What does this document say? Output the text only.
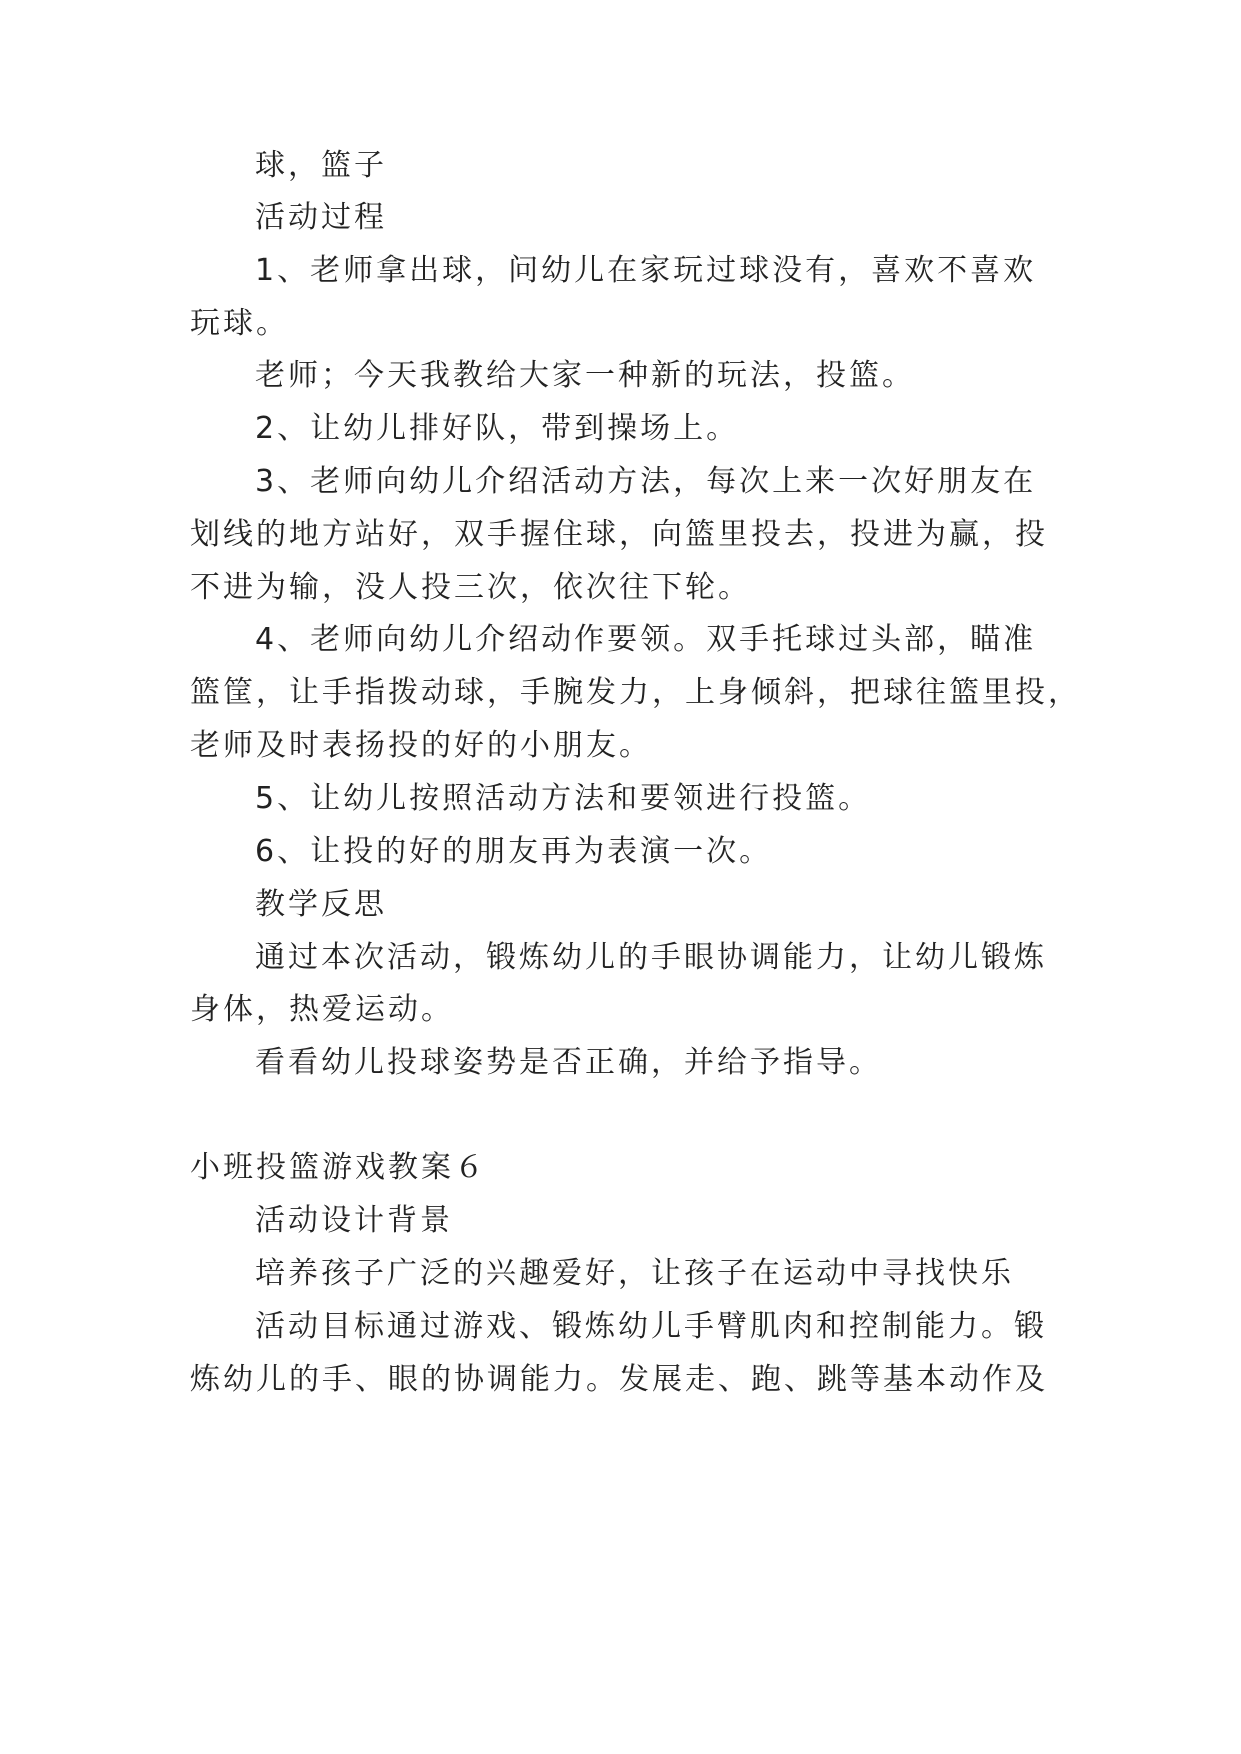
球，篮子
活动过程
1、老师拿出球，问幼儿在家玩过球没有，喜欢不喜欢
玩球。
老师；今天我教给大家一种新的玩法，投篮。
2、让幼儿排好队，带到操场上。
3、老师向幼儿介绍活动方法，每次上来一次好朋友在
划线的地方站好，双手握住球，向篮里投去，投进为赢，投
不进为输，没人投三次，依次往下轮。
4、老师向幼儿介绍动作要领。双手托球过头部，瞄准
篮筐，让手指拨动球，手腕发力，上身倾斜，把球往篮里投，
老师及时表扬投的好的小朋友。
5、让幼儿按照活动方法和要领进行投篮。
6、让投的好的朋友再为表演一次。
教学反思
通过本次活动，锻炼幼儿的手眼协调能力，让幼儿锻炼
身体，热爱运动。
看看幼儿投球姿势是否正确，并给予指导。
小班投篮游戏教案６
活动设计背景
培养孩子广泛的兴趣爱好，让孩子在运动中寻找快乐
活动目标通过游戏、锻炼幼儿手臂肌肉和控制能力。锻
炼幼儿的手、眼的协调能力。发展走、跑、跳等基本动作及
